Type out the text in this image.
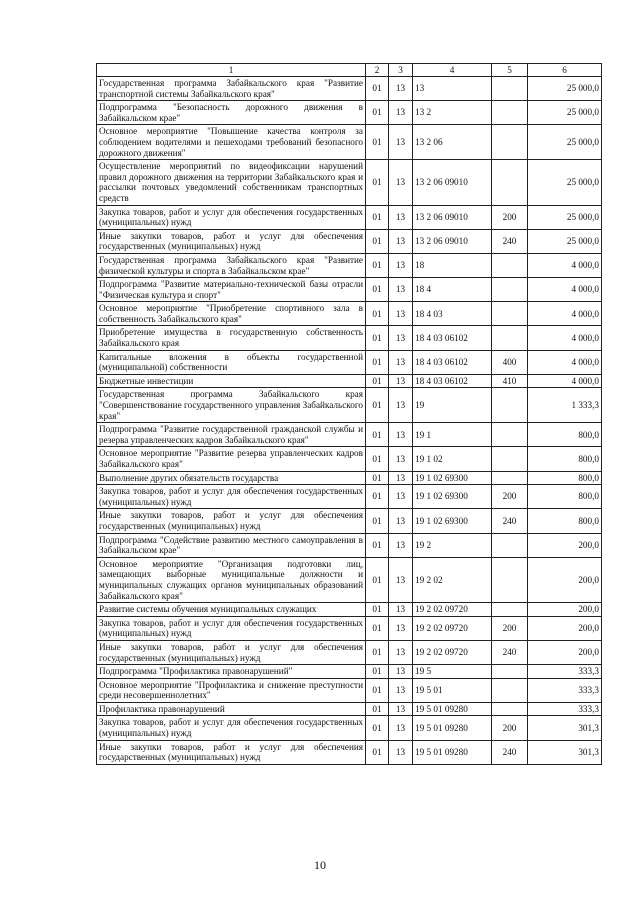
1	2	3	4	5	6
Государственная программа Забайкальского края "Развитие транспортной системы Забайкальского края"	01	13	13		25 000,0
Подпрограмма "Безопасность дорожного движения в Забайкальском крае"	01	13	13 2		25 000,0
Основное мероприятие "Повышение качества контроля за соблюдением водителями и пешеходами требований безопасного дорожного движения"	01	13	13 2 06		25 000,0
Осуществление мероприятий по видеофиксации нарушений правил дорожного движения на территории Забайкальского края и рассылки почтовых уведомлений собственникам транспортных средств	01	13	13 2 06 09010		25 000,0
Закупка товаров, работ и услуг для обеспечения государственных (муниципальных) нужд	01	13	13 2 06 09010	200	25 000,0
Иные закупки товаров, работ и услуг для обеспечения государственных (муниципальных) нужд	01	13	13 2 06 09010	240	25 000,0
Государственная программа Забайкальского края "Развитие физической культуры и спорта в Забайкальском крае"	01	13	18		4 000,0
Подпрограмма "Развитие материально-технической базы отрасли "Физическая культура и спорт"	01	13	18 4		4 000,0
Основное мероприятие "Приобретение спортивного зала в собственность Забайкальского края"	01	13	18 4 03		4 000,0
Приобретение имущества в государственную собственность Забайкальского края	01	13	18 4 03 06102		4 000,0
Капитальные вложения в объекты государственной (муниципальной) собственности	01	13	18 4 03 06102	400	4 000,0
Бюджетные инвестиции	01	13	18 4 03 06102	410	4 000,0
Государственная программа Забайкальского края "Совершенствование государственного управления Забайкальского края"	01	13	19		1 333,3
Подпрограмма "Развитие государственной гражданской службы и резерва управленческих кадров Забайкальского края"	01	13	19 1		800,0
Основное мероприятие "Развитие резерва управленческих кадров Забайкальского края"	01	13	19 1 02		800,0
Выполнение других обязательств государства	01	13	19 1 02 69300		800,0
Закупка товаров, работ и услуг для обеспечения государственных (муниципальных) нужд	01	13	19 1 02 69300	200	800,0
Иные закупки товаров, работ и услуг для обеспечения государственных (муниципальных) нужд	01	13	19 1 02 69300	240	800,0
Подпрограмма "Содействие развитию местного самоуправления в Забайкальском крае"	01	13	19 2		200,0
Основное мероприятие "Организация подготовки лиц, замещающих выборные муниципальные должности и муниципальных служащих органов муниципальных образований Забайкальского края"	01	13	19 2 02		200,0
Развитие системы обучения муниципальных служащих	01	13	19 2 02 09720		200,0
Закупка товаров, работ и услуг для обеспечения государственных (муниципальных) нужд	01	13	19 2 02 09720	200	200,0
Иные закупки товаров, работ и услуг для обеспечения государственных (муниципальных) нужд	01	13	19 2 02 09720	240	200,0
Подпрограмма "Профилактика правонарушений"	01	13	19 5		333,3
Основное мероприятие "Профилактика и снижение преступности среди несовершеннолетних"	01	13	19 5 01		333,3
Профилактика правонарушений	01	13	19 5 01 09280		333,3
Закупка товаров, работ и услуг для обеспечения государственных (муниципальных) нужд	01	13	19 5 01 09280	200	301,3
Иные закупки товаров, работ и услуг для обеспечения государственных (муниципальных) нужд	01	13	19 5 01 09280	240	301,3
10
